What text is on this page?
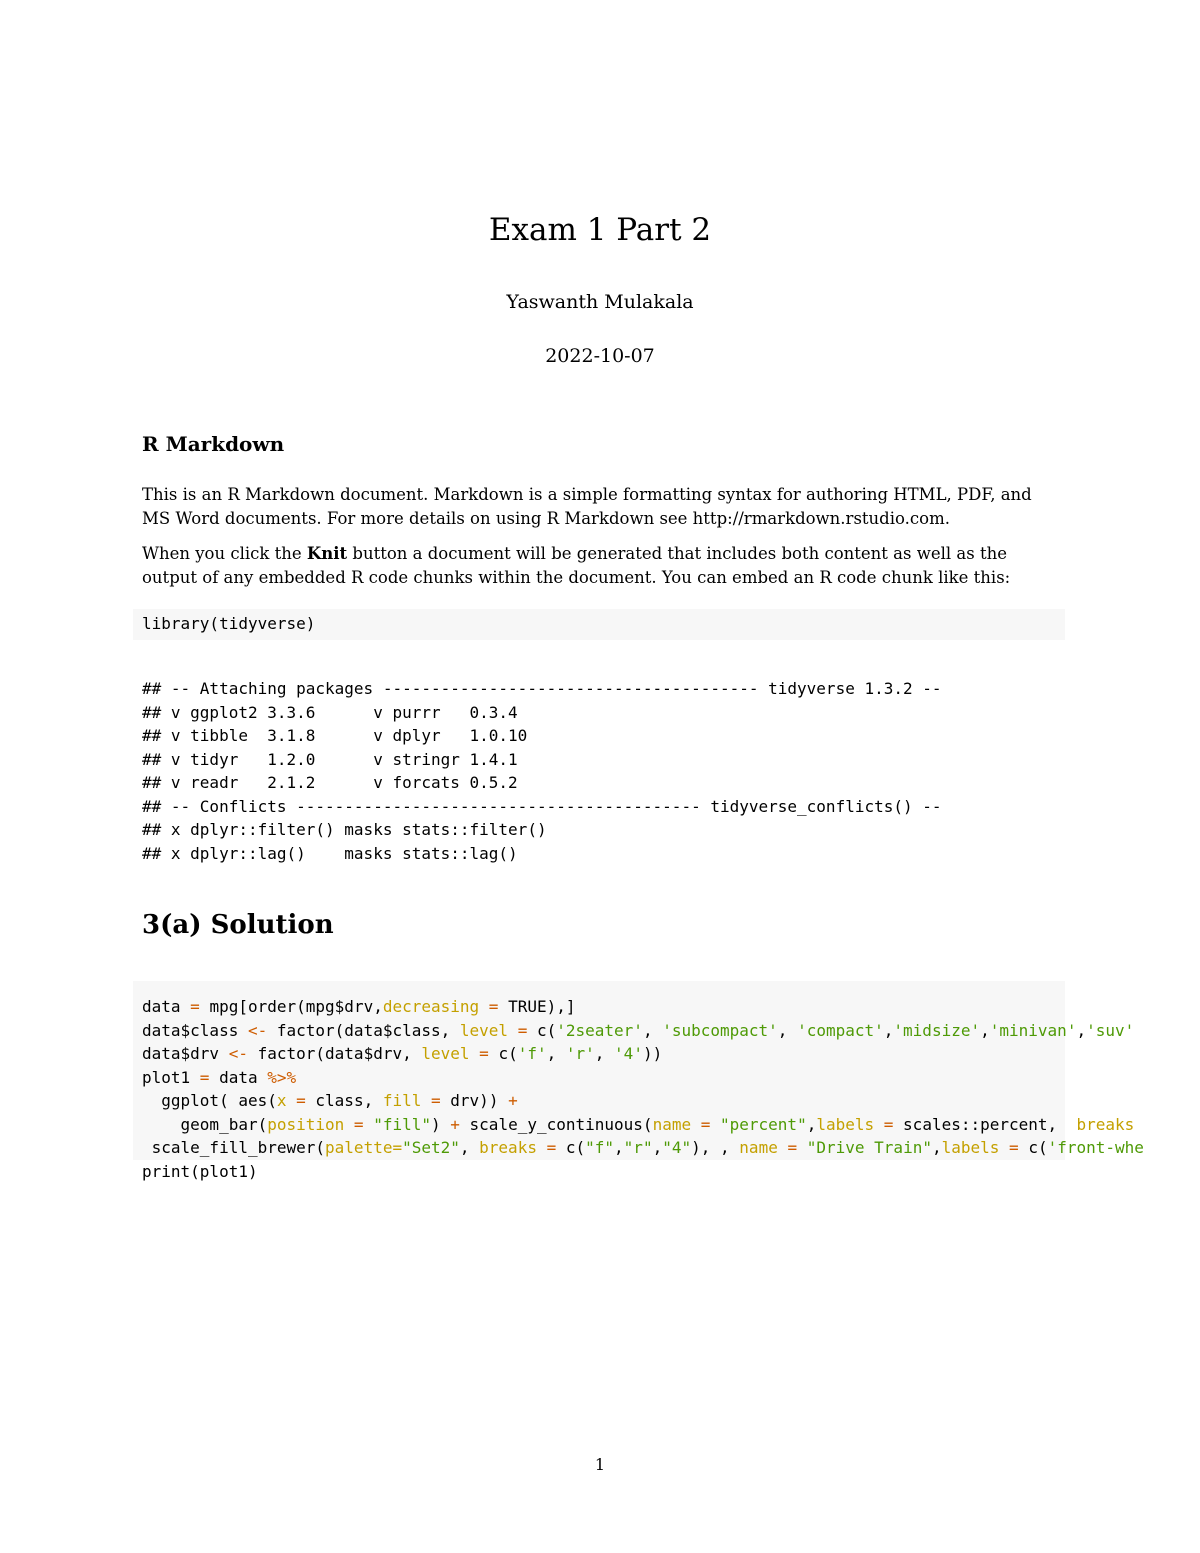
Exam 1 Part 2
Yaswanth Mulakala
2022-10-07
R Markdown

This is an R Markdown document. Markdown is a simple formatting syntax for authoring HTML, PDF, and MS Word documents. For more details on using R Markdown see http://rmarkdown.rstudio.com.

When you click the Knit button a document will be generated that includes both content as well as the output of any embedded R code chunks within the document. You can embed an R code chunk like this:

library(tidyverse)
## -- Attaching packages --------------------------------------- tidyverse 1.3.2 --
## v ggplot2 3.3.6      v purrr   0.3.4
## v tibble  3.1.8      v dplyr   1.0.10
## v tidyr   1.2.0      v stringr 1.4.1
## v readr   2.1.2      v forcats 0.5.2
## -- Conflicts ------------------------------------------ tidyverse_conflicts() --
## x dplyr::filter() masks stats::filter()
## x dplyr::lag()    masks stats::lag()
3(a) Solution
data = mpg[order(mpg$drv,decreasing = TRUE),]
data$class <- factor(data$class, level = c('2seater', 'subcompact', 'compact','midsize','minivan','suv'
data$drv <- factor(data$drv, level = c('f', 'r', '4'))
plot1 = data %>%
ggplot( aes(x = class, fill = drv)) +
geom_bar(position = "fill") + scale_y_continuous(name = "percent",labels = scales::percent,  breaks
scale_fill_brewer(palette="Set2", breaks = c("f","r","4"), , name = "Drive Train",labels = c('front-whe
print(plot1)
1
